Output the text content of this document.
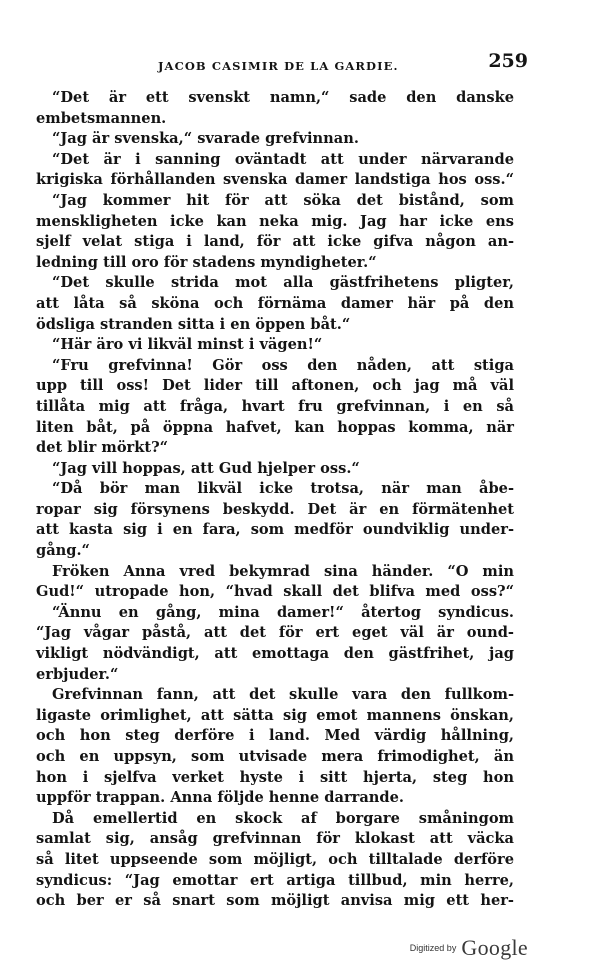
JACOB CASIMIR DE LA GARDIE.	259
“Det är ett svenskt namn,“ sade den danske
embetsmannen.
“Jag är svenska,“ svarade grefvinnan.
“Det är i sanning oväntadt att under närvarande
krigiska förhållanden svenska damer landstiga hos oss.“
“Jag kommer hit för att söka det bistånd, som
menskligheten icke kan neka mig. Jag har icke ens
sjelf velat stiga i land, för att icke gifva någon an-
ledning till oro för stadens myndigheter.“
“Det skulle strida mot alla gästfrihetens pligter,
att låta så sköna och förnäma damer här på den
ödsliga stranden sitta i en öppen båt.“
“Här äro vi likväl minst i vägen!“
“Fru grefvinna! Gör oss den nåden, att stiga
upp till oss! Det lider till aftonen, och jag må väl
tillåta mig att fråga, hvart fru grefvinnan, i en så
liten båt, på öppna hafvet, kan hoppas komma, när
det blir mörkt?“
“Jag vill hoppas, att Gud hjelper oss.“
“Då bör man likväl icke trotsa, när man åbe-
ropar sig försynens beskydd. Det är en förmätenhet
att kasta sig i en fara, som medför oundviklig under-
gång.“
Fröken Anna vred bekymrad sina händer. “O min
Gud!“ utropade hon, “hvad skall det blifva med oss?“
“Ännu en gång, mina damer!“ återtog syndicus.
“Jag vågar påstå, att det för ert eget väl är ound-
vikligt nödvändigt, att emottaga den gästfrihet, jag
erbjuder.“
Grefvinnan fann, att det skulle vara den fullkom-
ligaste orimlighet, att sätta sig emot mannens önskan,
och hon steg derföre i land. Med värdig hållning,
och en uppsyn, som utvisade mera frimodighet, än
hon i sjelfva verket hyste i sitt hjerta, steg hon
uppför trappan. Anna följde henne darrande.
Då emellertid en skock af borgare småningom
samlat sig, ansåg grefvinnan för klokast att väcka
så litet uppseende som möjligt, och tilltalade derföre
syndicus: “Jag emottar ert artiga tillbud, min herre,
och ber er så snart som möjligt anvisa mig ett her-
Digitized by Google
